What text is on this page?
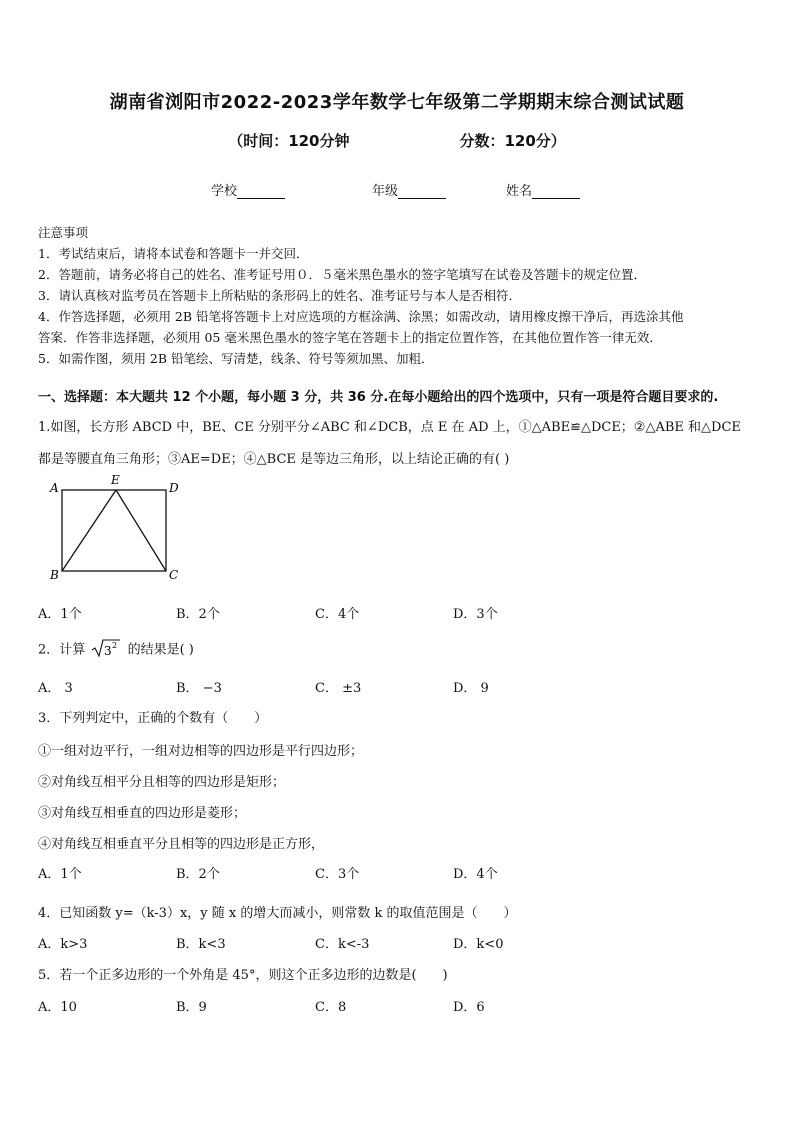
湖南省浏阳市2022-2023学年数学七年级第二学期期末综合测试试题
（时间：120分钟	分数：120分）
学校	年级	姓名
注意事项
1．考试结束后，请将本试卷和答题卡一并交回．
2．答题前，请务必将自己的姓名、准考证号用０．５毫米黑色墨水的签字笔填写在试卷及答题卡的规定位置．
3．请认真核对监考员在答题卡上所粘贴的条形码上的姓名、准考证号与本人是否相符．
4．作答选择题，必须用 2B 铅笔将答题卡上对应选项的方框涂满、涂黑；如需改动，请用橡皮擦干净后，再选涂其他
答案．作答非选择题，必须用 05 毫米黑色墨水的签字笔在答题卡上的指定位置作答，在其他位置作答一律无效．
5．如需作图，须用 2B 铅笔绘、写清楚，线条、符号等须加黑、加粗．
一、选择题：本大题共 12 个小题，每小题 3 分，共 36 分.在每小题给出的四个选项中，只有一项是符合题目要求的.
1.如图，长方形 ABCD 中，BE、CE 分别平分∠ABC 和∠DCB，点 E 在 AD 上，①△ABE≌△DCE；②△ABE 和△DCE
都是等腰直角三角形；③AE=DE；④△BCE 是等边三角形，以上结论正确的有( )
A
E
D
B	C
A．1个	B．2个	C．4个	D．3个
2．计算 3 2 的结果是( )
A． 3	B． −3	C． ±3	D． 9
3．下列判定中，正确的个数有（　　）
①一组对边平行，一组对边相等的四边形是平行四边形；
②对角线互相平分且相等的四边形是矩形；
③对角线互相垂直的四边形是菱形；
④对角线互相垂直平分且相等的四边形是正方形，
A．1个	B．2个	C．3个	D．4个
4．已知函数 y=（k-3）x，y 随 x 的增大而减小，则常数 k 的取值范围是（　　）
A．k>3	B．k<3	C．k<-3	D．k<0
5．若一个正多边形的一个外角是 45°，则这个正多边形的边数是(　　)
A．10	B．9	C．8	D．6
